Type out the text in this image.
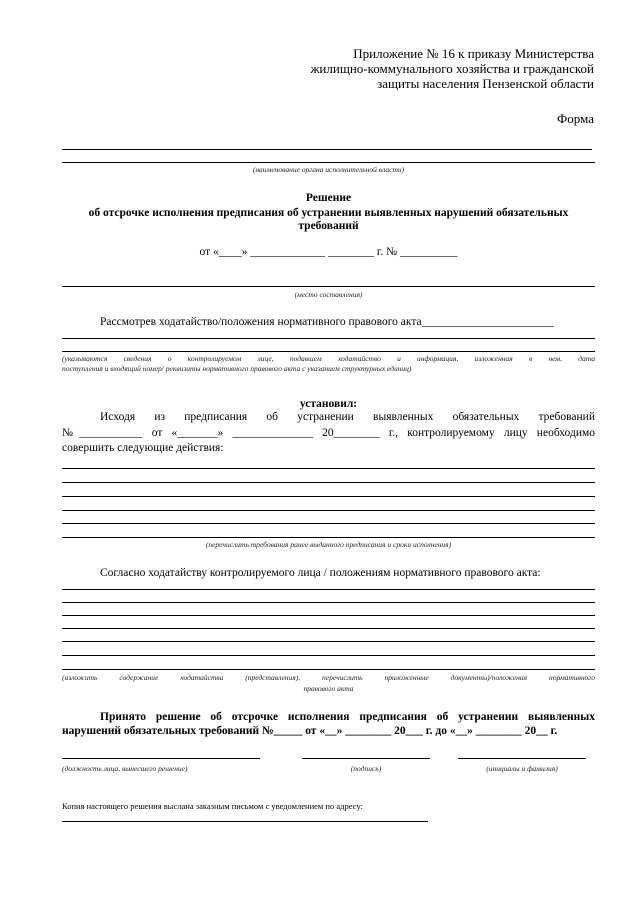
Приложение № 16 к приказу Министерства
жилищно-коммунального хозяйства и гражданской
защиты населения Пензенской области
Форма
(наименование органа исполнительной власти)
Решение
об отсрочке исполнения предписания об устранении выявленных нарушений обязательных
требований
от «____» _____________ ________ г. № __________
(место составления)
Рассмотрев ходатайство/положения нормативного правового акта_______________________
(указываются сведения о контролируемом лице, подавшем ходатайство и информация, изложенная в нем, дата
поступления и входящий номер/ реквизиты нормативного правового акта с указанием структурных единиц)
установил:
Исходя из предписания об устранении выявленных обязательных требований
№___________ от «_______» ______________ 20________ г., контролируемому лицу необходимо
совершить следующие действия:
(перечислить требования ранее выданного предписания и сроки исполнения)
Согласно ходатайству контролируемого лица / положениям нормативного правового акта:
(изложить содержание ходатайства (представления), перечислить приложенные документы)/положения нормативного
правового акта
Принято решение об отсрочке исполнения предписания об устранении выявленных
нарушений обязательных требований №_____ от «__» ________ 20___ г. до «__» ________ 20__ г.
(должность лица, вынесшего решение)	(подпись)	(инициалы и фамилия)
Копия настоящего решения выслана заказным письмом с уведомлением по адресу:
